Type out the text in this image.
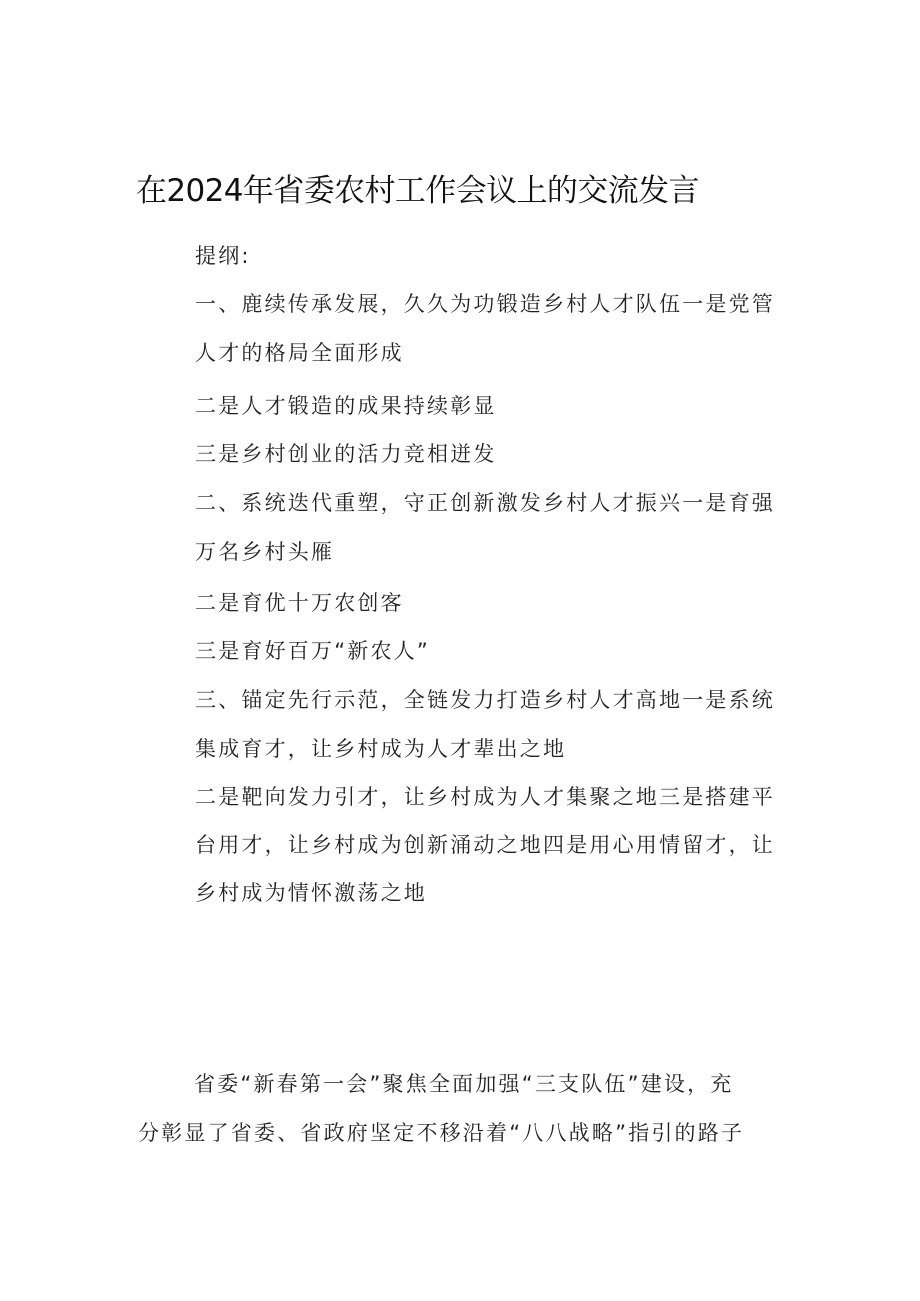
在2024年省委农村工作会议上的交流发言
提纲:
一、鹿续传承发展，久久为功锻造乡村人才队伍一是党管
人才的格局全面形成
二是人才锻造的成果持续彰显
三是乡村创业的活力竞相迸发
二、系统迭代重塑，守正创新激发乡村人才振兴一是育强
万名乡村头雁
二是育优十万农创客
三是育好百万“新农人”
三、锚定先行示范，全链发力打造乡村人才高地一是系统
集成育才，让乡村成为人才辈出之地
二是靶向发力引才，让乡村成为人才集聚之地三是搭建平
台用才，让乡村成为创新涌动之地四是用心用情留才，让
乡村成为情怀激荡之地
省委“新春第一会”聚焦全面加强“三支队伍”建设，充
分彰显了省委、省政府坚定不移沿着“八八战略”指引的路子
